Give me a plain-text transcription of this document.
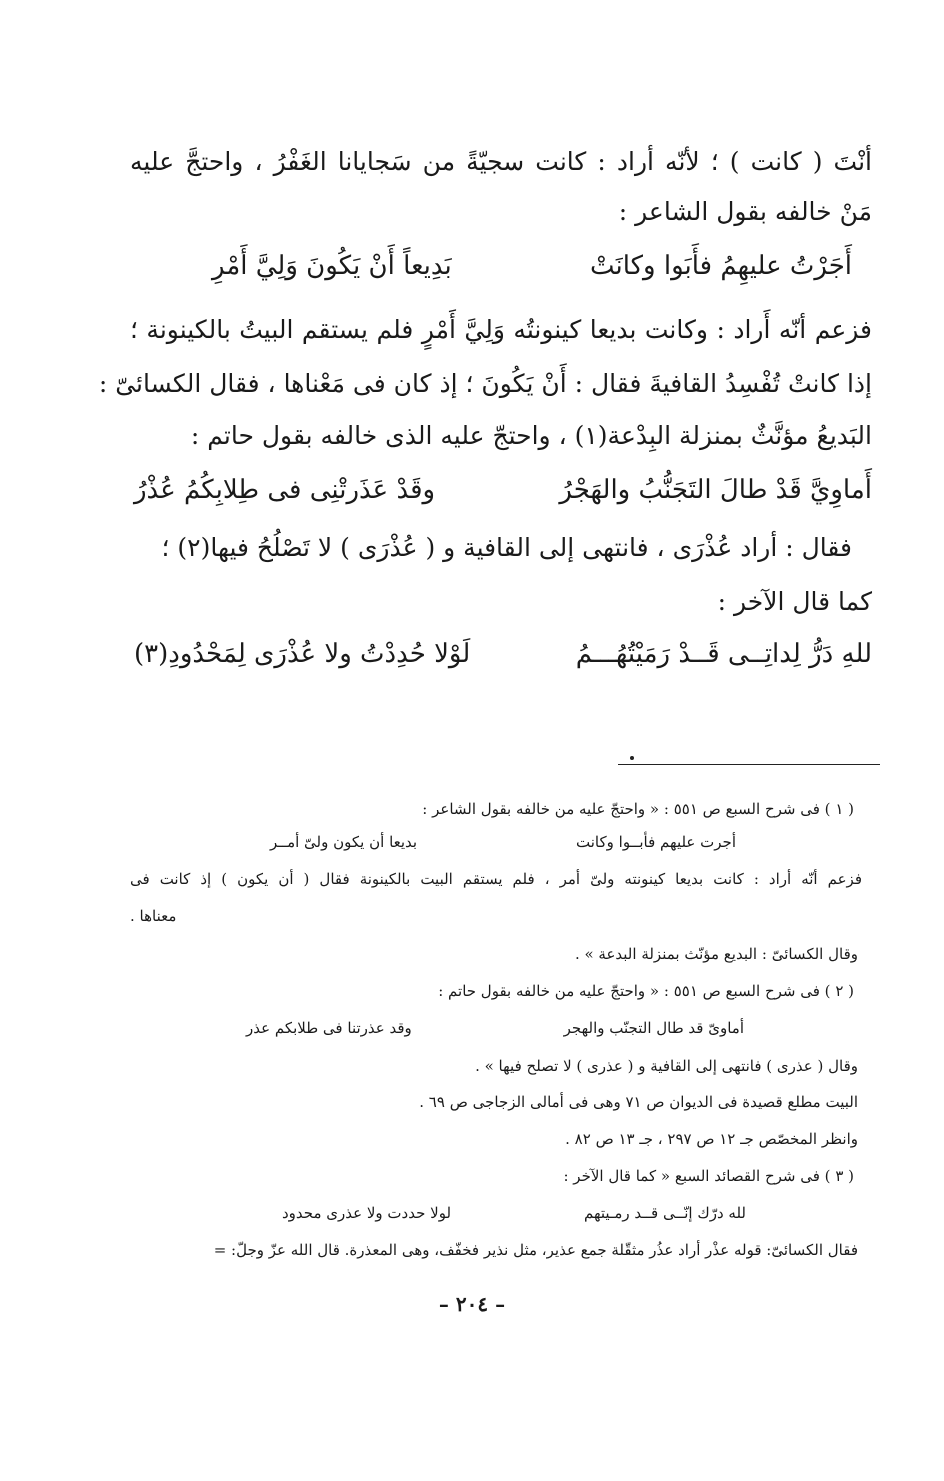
أنْتَ ( كانت ) ؛ لأنّه أراد : كانت سجيّةً من سَجايانا الغَفْرُ ، واحتجَّ عليه
مَنْ خالفه بقول الشاعر :
أَجَرْتُ عليهِمُ فأَبَوا وكانَتْ
بَدِيعاً أَنْ يَكُونَ وَلِيَّ أَمْرِ
فزعم أنّه أَراد : وكانت بديعا كينونتُه وَلِيَّ أَمْرٍ فلم يستقم البيتُ بالكينونة ؛
إذا كانتْ تُفْسِدُ القافيةَ فقال : أَنْ يَكُونَ ؛ إذ كان فى مَعْناها ، فقال الكسائىّ :
البَديعُ مؤنَّثٌ بمنزلة البِدْعة(١) ، واحتجّ عليه الذى خالفه بقول حاتم :
أَماوِيَّ قَدْ طالَ التَجَنُّبُ والهَجْرُ
وقَدْ عَذَرتْنِى فى طِلابِكُمُ عُذْرُ
فقال : أراد عُذْرَى ، فانتهى إلى القافية و ( عُذْرَى ) لا تَصْلُحُ فيها(٢) ؛
كما قال الآخر :
للهِ دَرُّ لِداتِــى قَــدْ رَمَيْتُهُـــمُ
لَوْلا حُدِدْتُ ولا عُذْرَى لِمَحْدُودِ(٣)
( ١ ) فى شرح السبع ص ٥٥١ : « واحتجّ عليه من خالفه بقول الشاعر :
أجرت عليهم فأبــوا وكانت
بديعا أن يكون ولىّ أمــر
فزعم أنّه أراد : كانت بديعا كينونته ولىّ أمر ، فلم يستقم البيت بالكينونة فقال ( أن يكون ) إذ كانت فى
معناها .
وقال الكسائىّ : البديع مؤنّث بمنزلة البدعة » .
( ٢ ) فى شرح السبع ص ٥٥١ : « واحتجّ عليه من خالفه بقول حاتم :
أماوىّ قد طال التجنّب والهجر
وقد عذرتنا فى طلابكم عذر
وقال ( عذرى ) فانتهى إلى القافية و ( عذرى ) لا تصلح فيها » .
البيت مطلع قصيدة فى الديوان ص ٧١ وهى فى أمالى الزجاجى ص ٦٩ .
وانظر المخصّص جـ ١٢ ص ٢٩٧ ، جـ ١٣ ص ٨٢ .
( ٣ ) فى شرح القصائد السبع « كما قال الآخر :
لله درّك إنّــى قــد رمـيتهم
لولا حددت ولا عذرى محدود
فقال الكسائىّ: قوله عذْر أراد عذُر مثقّلة جمع عذير، مثل نذير فخفّف، وهى المعذرة. قال الله عزّ وجلّ: =
– ٢٠٤ –
